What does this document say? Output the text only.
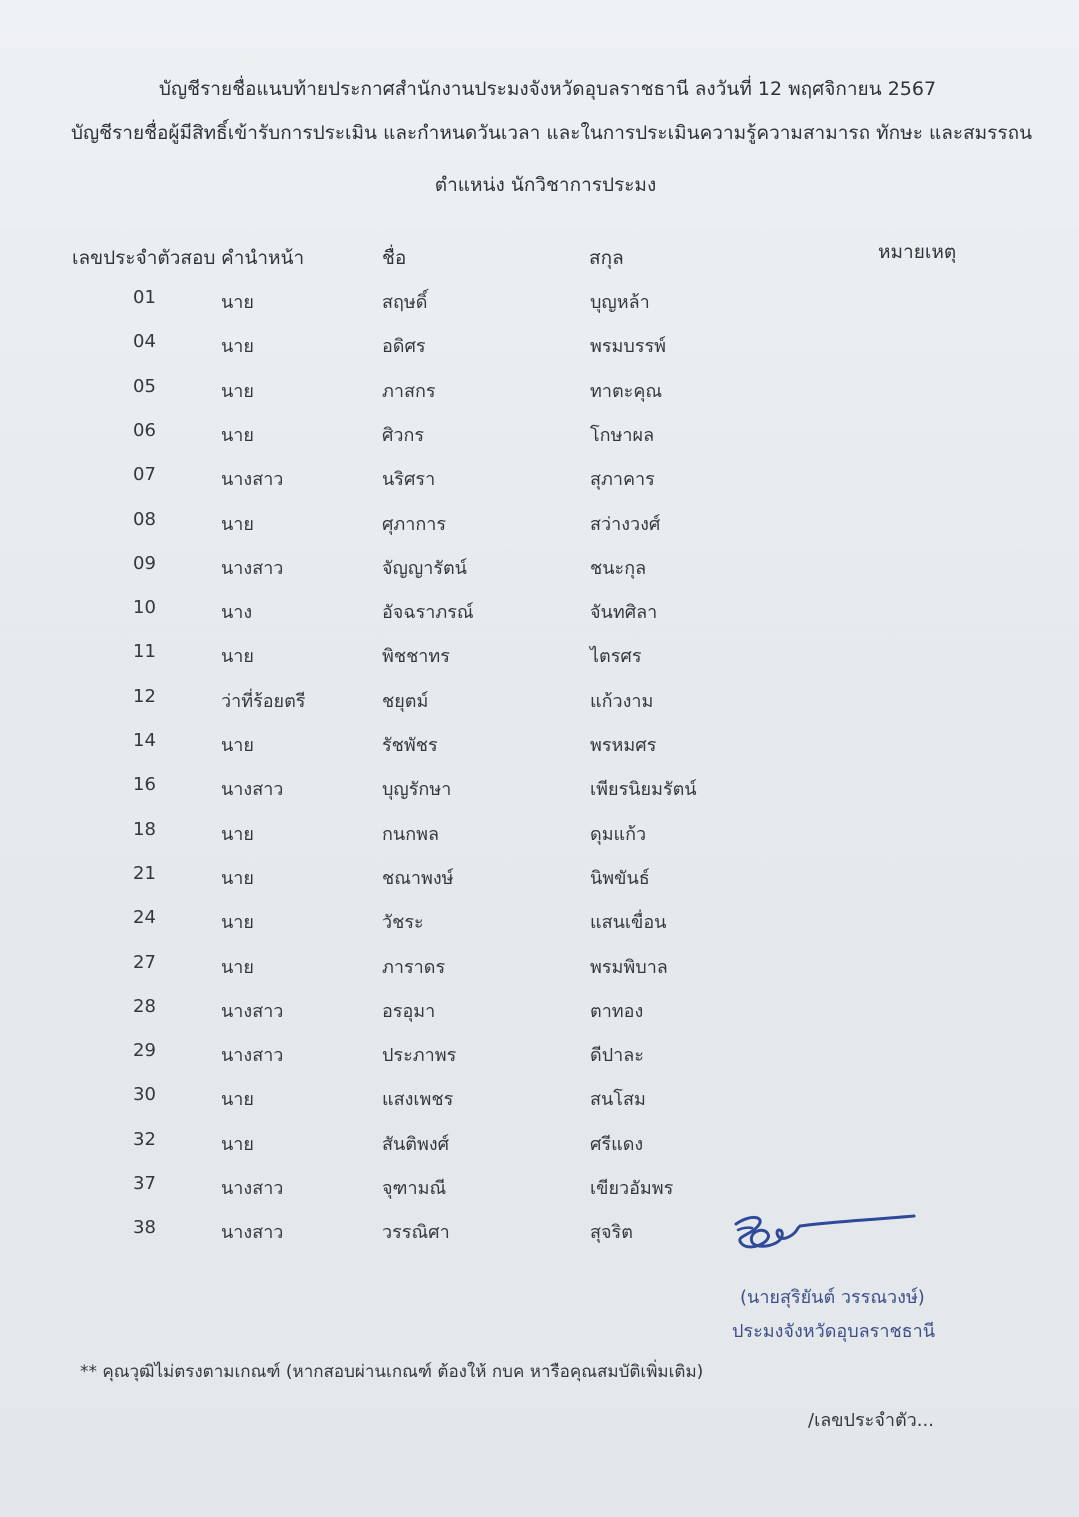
บัญชีรายชื่อแนบท้ายประกาศสำนักงานประมงจังหวัดอุบลราชธานี ลงวันที่ 12 พฤศจิกายน 2567
บัญชีรายชื่อผู้มีสิทธิ์เข้ารับการประเมิน และกำหนดวันเวลา และในการประเมินความรู้ความสามารถ ทักษะ และสมรรถน
ตำแหน่ง นักวิชาการประมง
เลขประจำตัวสอบ คำนำหน้า	ชื่อ	สกุล	หมายเหตุ
01	นาย	สฤษดิ์	บุญหล้า
04	นาย	อดิศร	พรมบรรพ์
05	นาย	ภาสกร	ทาตะคุณ
06	นาย	ศิวกร	โกษาผล
07	นางสาว	นริศรา	สุภาคาร
08	นาย	ศุภาการ	สว่างวงศ์
09	นางสาว	จัญญารัตน์	ชนะกุล
10	นาง	อัจฉราภรณ์	จันทศิลา
11	นาย	พิชชาทร	ไตรศร
12	ว่าที่ร้อยตรี	ชยุตม์	แก้วงาม
14	นาย	รัชพัชร	พรหมศร
16	นางสาว	บุญรักษา	เพียรนิยมรัตน์
18	นาย	กนกพล	ดุมแก้ว
21	นาย	ชณาพงษ์	นิพขันธ์
24	นาย	วัชระ	แสนเขื่อน
27	นาย	ภาราดร	พรมพิบาล
28	นางสาว	อรอุมา	ตาทอง
29	นางสาว	ประภาพร	ดีปาละ
30	นาย	แสงเพชร	สนโสม
32	นาย	สันติพงศ์	ศรีแดง
37	นางสาว	จุฑามณี	เขียวอัมพร
38	นางสาว	วรรณิศา	สุจริต
(นายสุริยันต์ วรรณวงษ์)
ประมงจังหวัดอุบลราชธานี
** คุณวุฒิไม่ตรงตามเกณฑ์ (หากสอบผ่านเกณฑ์ ต้องให้ กบค หารือคุณสมบัติเพิ่มเติม)
/เลขประจำตัว...
